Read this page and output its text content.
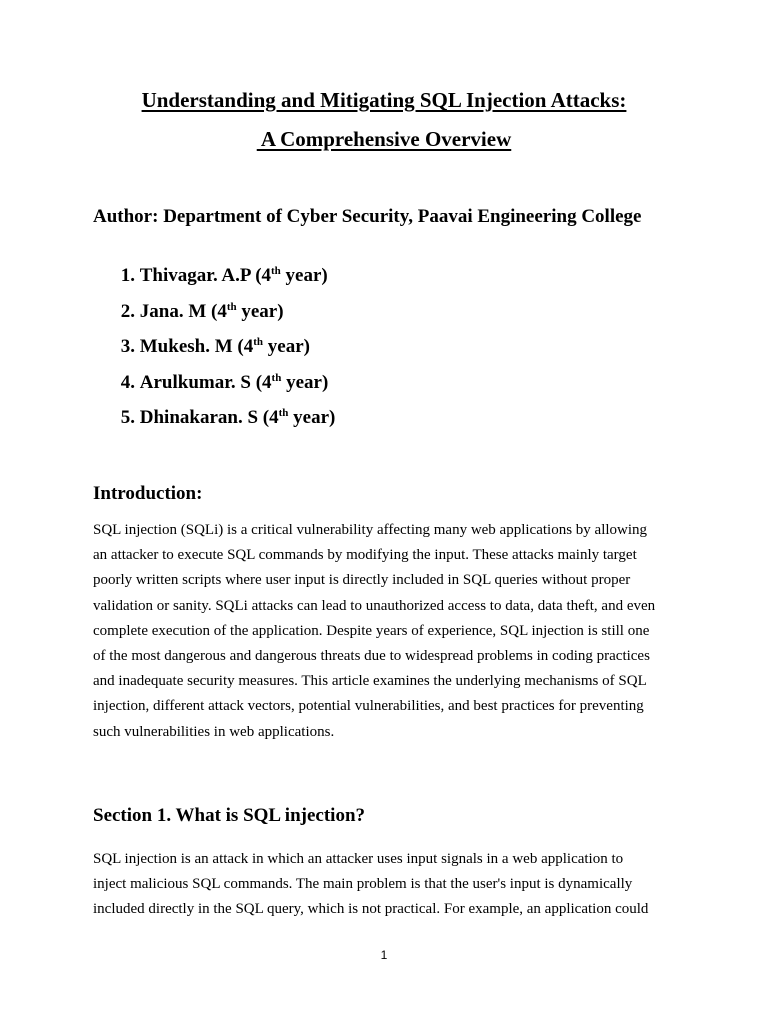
Understanding and Mitigating SQL Injection Attacks:
A Comprehensive Overview

Author: Department of Cyber Security, Paavai Engineering College

1. Thivagar. A.P (4th year)
2. Jana. M (4th year)
3. Mukesh. M (4th year)
4. Arulkumar. S (4th year)
5. Dhinakaran. S (4th year)
Introduction:

SQL injection (SQLi) is a critical vulnerability affecting many web applications by allowing
an attacker to execute SQL commands by modifying the input. These attacks mainly target
poorly written scripts where user input is directly included in SQL queries without proper
validation or sanity. SQLi attacks can lead to unauthorized access to data, data theft, and even
complete execution of the application. Despite years of experience, SQL injection is still one
of the most dangerous and dangerous threats due to widespread problems in coding practices
and inadequate security measures. This article examines the underlying mechanisms of SQL
injection, different attack vectors, potential vulnerabilities, and best practices for preventing
such vulnerabilities in web applications.

Section 1. What is SQL injection?

SQL injection is an attack in which an attacker uses input signals in a web application to
inject malicious SQL commands. The main problem is that the user's input is dynamically
included directly in the SQL query, which is not practical. For example, an application could

1
